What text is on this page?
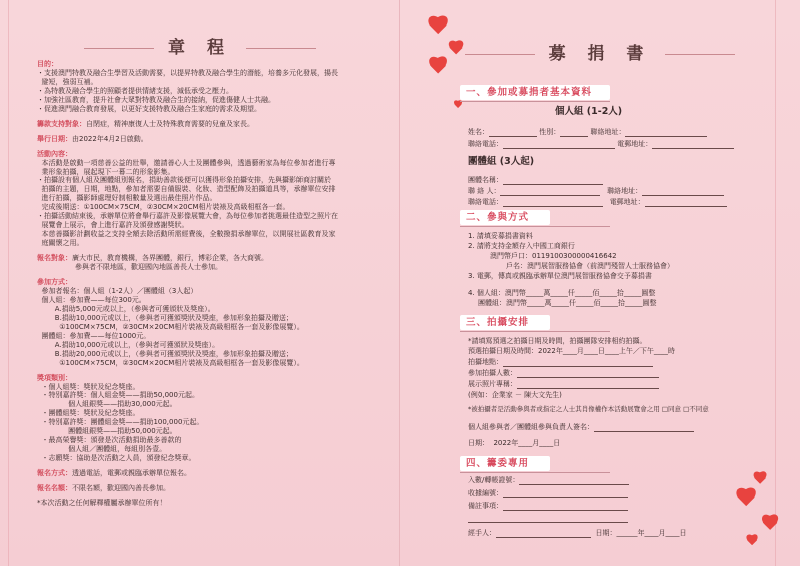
章 程
目的：
・支援澳門特教及融合生學習及活動需要，以提昇特教及融合學生的潛能，培養多元化發展，揚長
避短，強弱互補。
・為特教及融合學生的照顧者提供情緒支援，減低承受之壓力。
・加強社區教育，提升社會大眾對特教及融合生的接納，促進傷健人士共融。
・促進澳門融合教育發展，以更好支援特教及融合生家庭的需求及期望。
籌款支持對象：自閉症，精神康復人士及特殊教育需要的兒童及家長。
舉行日期：由2022年4月2日啟動。
活動內容：
本活動是啟動一項慈善公益的壯舉，邀請善心人士及團體參與，透過藝術家為每位參加者進行專
業形象拍攝，展起現下一幕二的形象影集。
・拍攝設有個人組及團體組別報名，捐助善款後便可以獲得形象拍攝安排，先與攝影師商討關於
拍攝的主題，日期，地點，參加者需要自備服裝、化妝、造型配飾及拍攝道具等，承辦單位安排
進行拍攝，攝影師處理好制相數量及選出最佳照片作品。
完成後期送：①100CM×75CM，②30CM×20CM相片裝裱及高級相框各一套。
・拍攝活動結束後，承辦單位將會舉行嘉許及影像展覽大會，為每位參加者挑選最佳造型之照片在
展覽會上展示，會上進行嘉許及頒發感謝獎狀。
本慈善攝影計劃收益之支持全額去除活動所需經費後，全數撥捐承辦單位，以開展社區教育及家
庭關懷之用。
報名對象：廣大市民，教育機構，各界團體，銀行，博彩企業，各大商號。
參與者不限地區，歡迎國內地區善長人士參加。
參加方式：
參加者報名：個人組（1-2人）／團體組（3人起）
個人組：參加費——每位300元。
A.捐助5,000元或以上，（參與者可獲頒狀及獎座）。
B.捐助10,000元或以上，（參與者可獲頒獎狀及獎座，參加形象拍攝及贈送；
①100CM×75CM，②30CM×20CM相片裝裱及高級相框各一套及影像展覽）。
團體組：參加費——每位1000元。
A.捐助10,000元或以上，（參與者可獲頒狀及獎座）。
B.捐助20,000元或以上，（參與者可獲頒獎狀及獎座，參加形象拍攝及贈送；
①100CM×75CM，②30CM×20CM相片裝裱及高級相框各一套及影像展覽）。
獎項類別：
・個人組獎：獎狀及紀念獎座。
・特別嘉許獎：個人組金獎——捐助50,000元起。
個人組銀獎——捐助30,000元起。
・團體組獎：獎狀及紀念獎座。
・特別嘉許獎：團體組金獎——捐助100,000元起。
團體組銀獎——捐助50,000元起。
・最高榮譽獎：頒發是次活動捐助最多善款的
個人組／團體組，每組別各壹。
・志願獎：協助是次活動之人員，頒發紀念獎章。
報名方式：透過電話，電郵或親臨承辦單位報名。
報名名額：不限名額，歡迎國內善長參加。
*本次活動之任何解釋權屬承辦單位所有！
募 捐 書
一、參加或募捐者基本資料
個人組 (1-2人)
姓名：	性別：	聯絡地址：
聯絡電話：	電郵地址：
團體組 (3人起)
團體名稱：
聯 絡 人：	聯絡地址：
聯絡電話：	電郵地址：
二、參與方式
1. 請填妥募捐書資料
2. 請將支持金額存入中國工商銀行
澳門幣戶口：0119100300000416642
戶名：澳門展智服務協會（前澳門殘智人士服務協會）
3. 電郵，傳真或親臨承辦單位澳門展智服務協會交予募捐書
4. 個人組：澳門幣_____萬_____仟_____佰_____拾_____圓整
團體組：澳門幣_____萬_____仟_____佰_____拾_____圓整
三、拍攝安排
*請填寫預選之拍攝日期及時間，拍攝團隊安排相約拍攝。
預選拍攝日期及時間：2022年____月____日____上午／下午____時
拍攝地點：
參加拍攝人數：
展示照片專稱：
(例如：企業家 － 陳大文先生)
*被拍攝者是活動參與者或指定之人士其肖像權作本活動展覽會之用 □同意 □不同意
個人組參與者／團體組參與負責人簽名：
日期：  2022年____月____日
四、籌委專用
入數/轉帳證號：
收據編號：
備註事項：
經手人：	日期：______年____月____日
